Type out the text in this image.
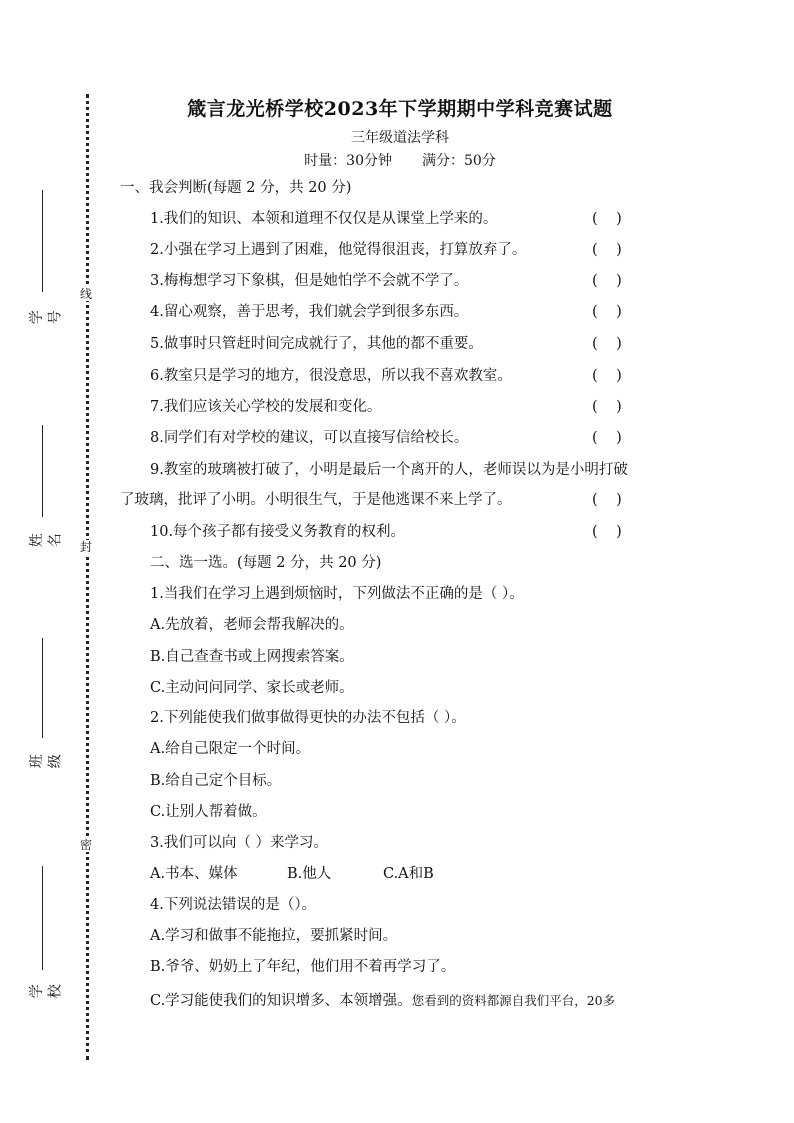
线
封
密
学 号
姓 名
班 级
学 校
箴言龙光桥学校2023年下学期期中学科竞赛试题
三年级道法学科
时量：30分钟 满分：50分
一、我会判断(每题 2 分，共 20 分)
1.我们的知识、本领和道理不仅仅是从课堂上学来的。	(    )
2.小强在学习上遇到了困难，他觉得很沮丧，打算放弃了。	(    )
3.梅梅想学习下象棋，但是她怕学不会就不学了。	(    )
4.留心观察，善于思考，我们就会学到很多东西。	(    )
5.做事时只管赶时间完成就行了，其他的都不重要。	(    )
6.教室只是学习的地方，很没意思，所以我不喜欢教室。	(    )
7.我们应该关心学校的发展和变化。	(    )
8.同学们有对学校的建议，可以直接写信给校长。	(    )
9.教室的玻璃被打破了，小明是最后一个离开的人，老师误以为是小明打破
了玻璃，批评了小明。小明很生气，于是他逃课不来上学了。	(    )
10.每个孩子都有接受义务教育的权利。	(    )
二、选一选。(每题 2 分，共 20 分)
1.当我们在学习上遇到烦恼时，下列做法不正确的是（ ）。
A.先放着，老师会帮我解决的。
B.自己查查书或上网搜索答案。
C.主动问问同学、家长或老师。
2.下列能使我们做事做得更快的办法不包括（ ）。
A.给自己限定一个时间。
B.给自己定个目标。
C.让别人帮着做。
3.我们可以向（ ）来学习。
A.书本、媒体	B.他人	C.A和B
4.下列说法错误的是（）。
A.学习和做事不能拖拉，要抓紧时间。
B.爷爷、奶奶上了年纪，他们用不着再学习了。
C.学习能使我们的知识增多、本领增强。您看到的资料都源自我们平台，20多
